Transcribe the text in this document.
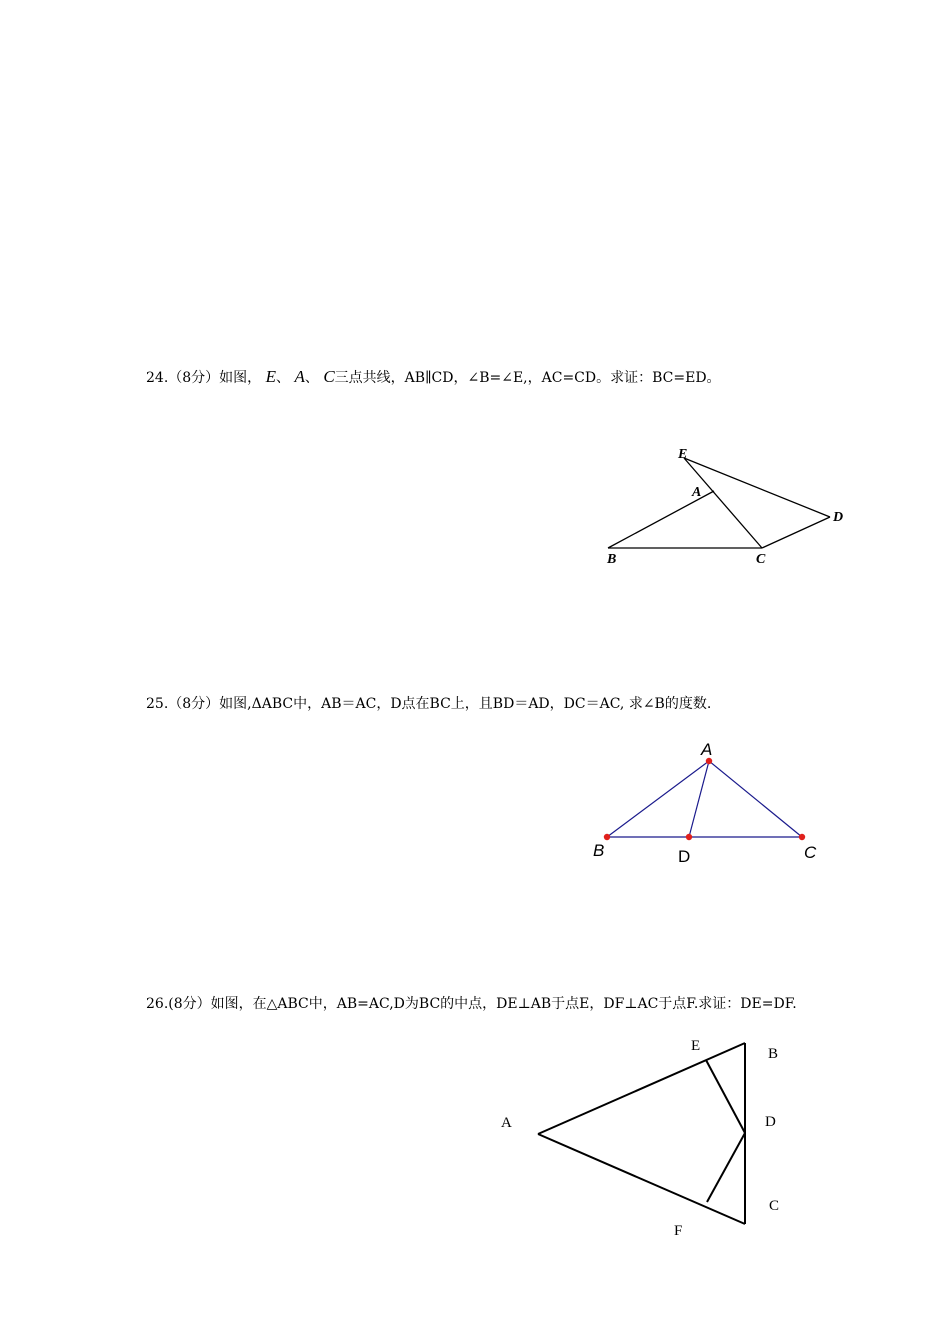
24.（8分）如图， E、 A、 C三点共线，AB∥CD，∠B=∠E,，AC=CD。求证：BC=ED。
E
A
D
B	C
25.（8分）如图,ΔABC中，AB＝AC，D点在BC上，且BD＝AD，DC＝AC, 求∠B的度数.
A
B	D	C
26.(8分）如图，在△ABC中，AB=AC,D为BC的中点，DE⊥AB于点E，DF⊥AC于点F.求证：DE=DF.
E	B
A	D
C
F
